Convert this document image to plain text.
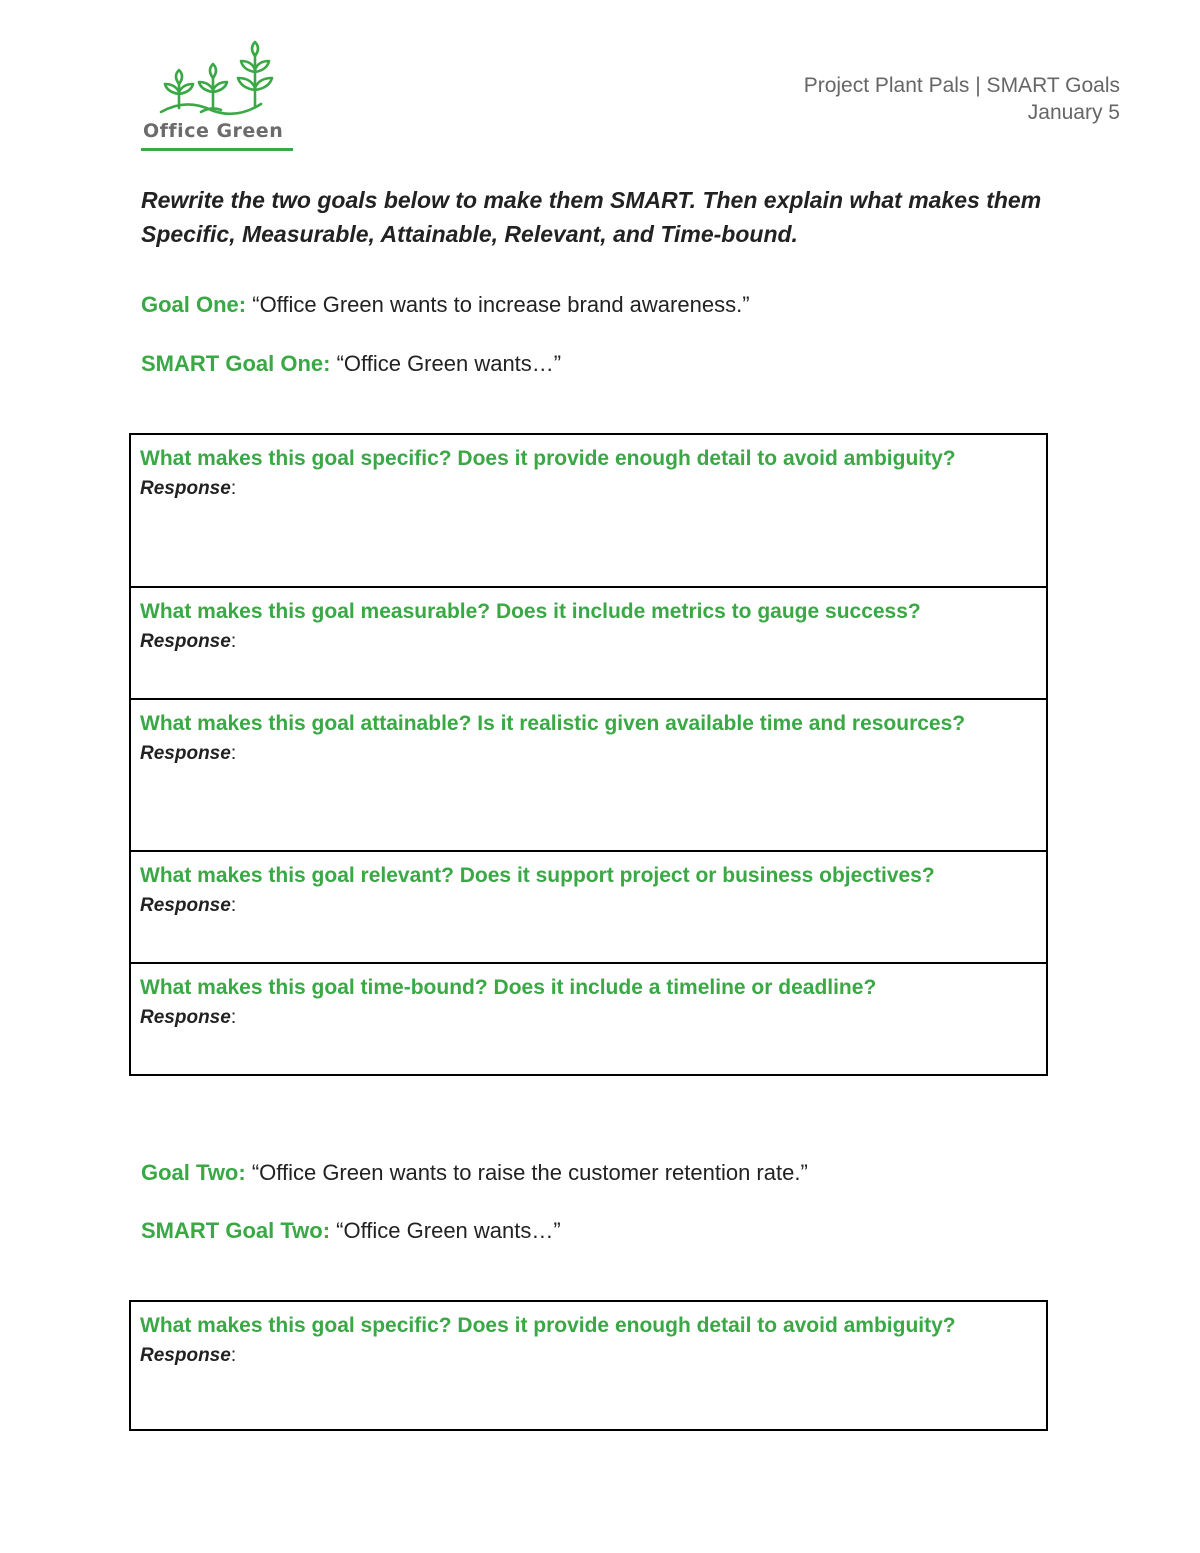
Office Green
Project Plant Pals | SMART Goals
January 5
Rewrite the two goals below to make them SMART. Then explain what makes them Specific, Measurable, Attainable, Relevant, and Time-bound.
Goal One: “Office Green wants to increase brand awareness.”
SMART Goal One: “Office Green wants…”
What makes this goal specific? Does it provide enough detail to avoid ambiguity?
Response:
What makes this goal measurable? Does it include metrics to gauge success?
Response:
What makes this goal attainable? Is it realistic given available time and resources?
Response:
What makes this goal relevant? Does it support project or business objectives?
Response:
What makes this goal time-bound? Does it include a timeline or deadline?
Response:
Goal Two: “Office Green wants to raise the customer retention rate.”
SMART Goal Two: “Office Green wants…”
What makes this goal specific? Does it provide enough detail to avoid ambiguity?
Response:
